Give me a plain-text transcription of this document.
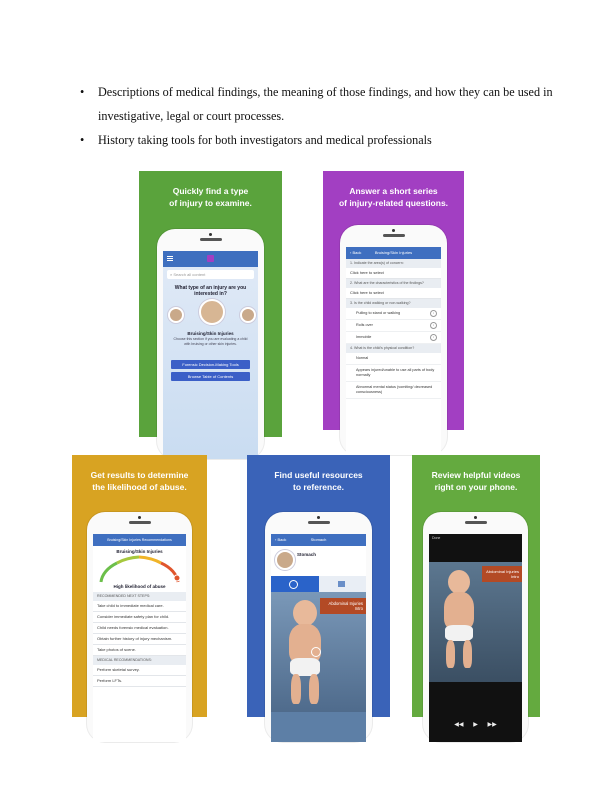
• Descriptions of medical findings, the meaning of those findings, and how they can be used in investigative, legal or court processes.
• History taking tools for both investigators and medical professionals
Quickly find a type
of injury to examine.
⌕ Search all content
What type of an injury are you interested in?
Bruising/Skin Injuries
Choose this section if you are evaluating a child with bruising or other skin injuries.
Forensic Decision-Making Tools
Browse Table of Contents
Answer a short series
of injury-related questions.
‹ Back	Bruising/Skin Injuries
1. Indicate the area(s) of concern:
Click here to select
2. What are the characteristics of the findings?
Click here to select
3. Is the child walking or non-walking?
Pulling to stand or walking	i
Rolls over	i
Immobile	i
4. What is the child's physical condition?
Normal
Appears injured/unable to use all parts of body normally
Abnormal mental status (vomiting/ decreased consciousness)
Get results to determine
the likelihood of abuse.
Bruising/Skin Injuries Recommendations
Bruising/Skin Injuries
High likelihood of abuse
RECOMMENDED NEXT STEPS:
Take child to immediate medical care.
Consider immediate safety plan for child.
Child needs forensic medical evaluation.
Obtain further history of injury mechanism.
Take photos of scene.
MEDICAL RECOMMENDATIONS:
Perform skeletal survey.
Perform LFTs.
Find useful resources
to reference.
‹ Back	Stomach
Stomach
Abdominal Injuries Intro
Review helpful videos
right on your phone.
Done
Abdominal Injuries Intro
◀◀ ▶ ▶▶
